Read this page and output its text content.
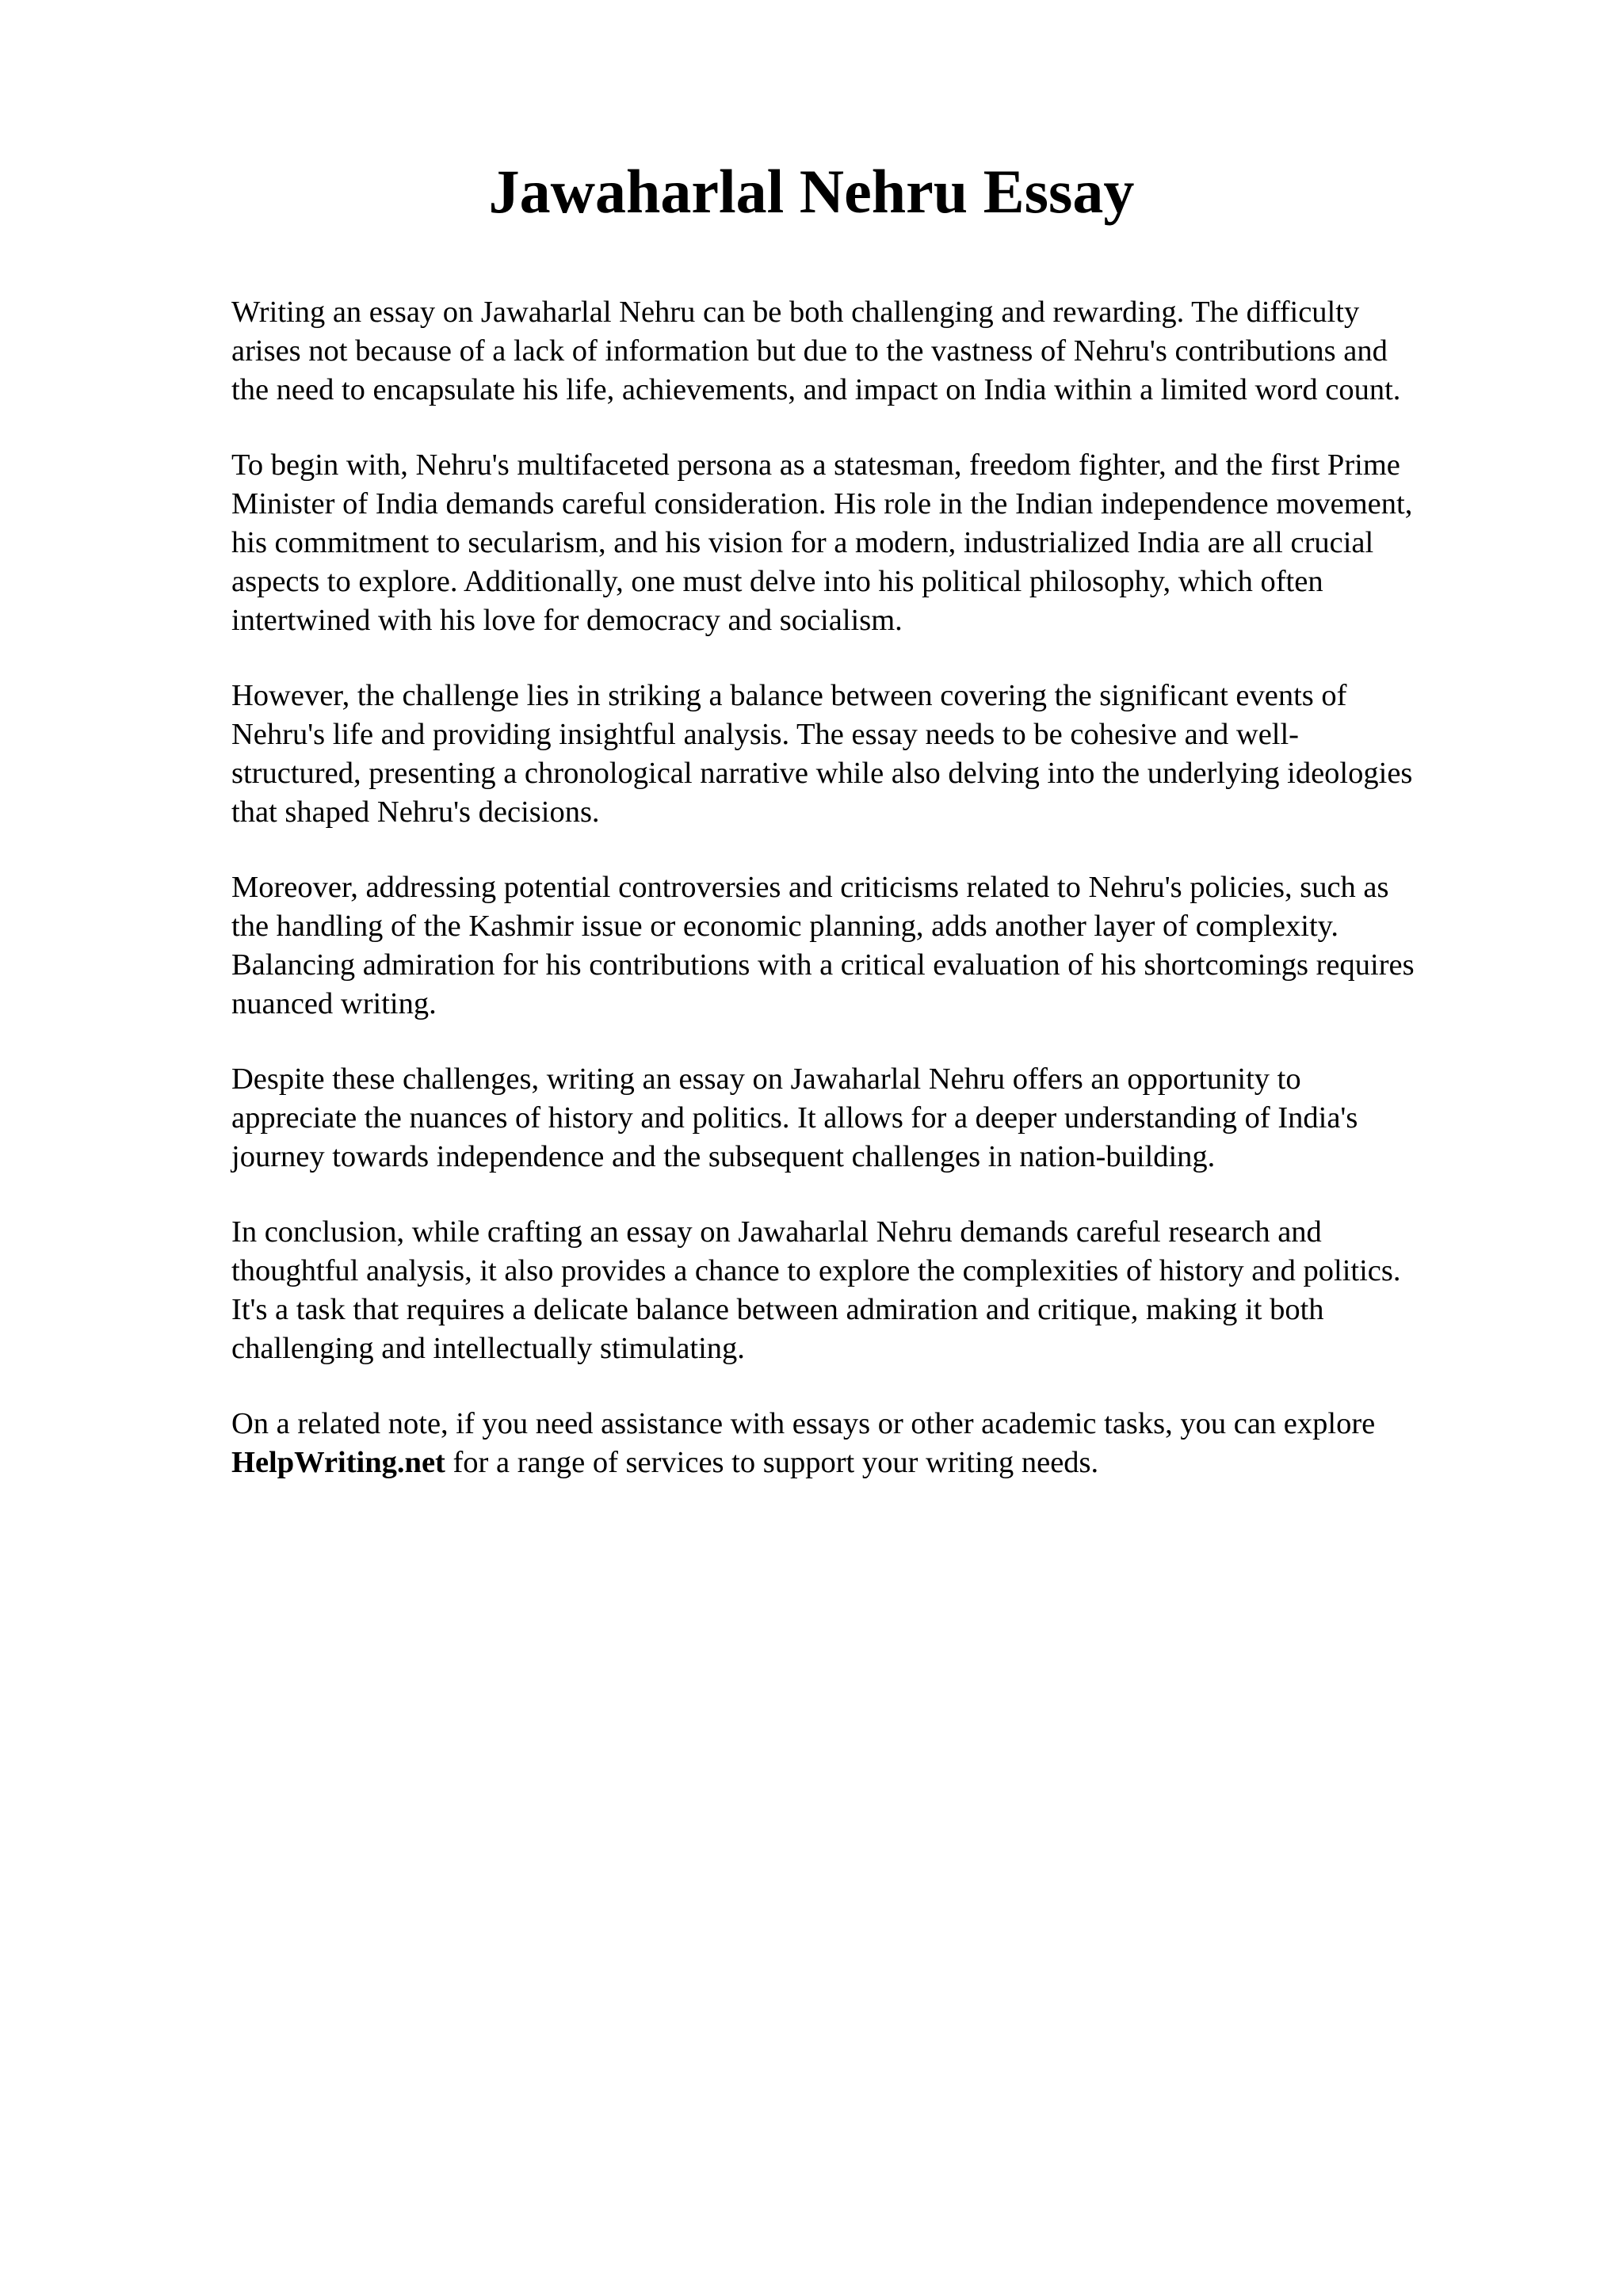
Jawaharlal Nehru Essay

Writing an essay on Jawaharlal Nehru can be both challenging and rewarding. The difficulty
arises not because of a lack of information but due to the vastness of Nehru's contributions and
the need to encapsulate his life, achievements, and impact on India within a limited word count.

To begin with, Nehru's multifaceted persona as a statesman, freedom fighter, and the first Prime
Minister of India demands careful consideration. His role in the Indian independence movement,
his commitment to secularism, and his vision for a modern, industrialized India are all crucial
aspects to explore. Additionally, one must delve into his political philosophy, which often
intertwined with his love for democracy and socialism.

However, the challenge lies in striking a balance between covering the significant events of
Nehru's life and providing insightful analysis. The essay needs to be cohesive and well-
structured, presenting a chronological narrative while also delving into the underlying ideologies
that shaped Nehru's decisions.

Moreover, addressing potential controversies and criticisms related to Nehru's policies, such as
the handling of the Kashmir issue or economic planning, adds another layer of complexity.
Balancing admiration for his contributions with a critical evaluation of his shortcomings requires
nuanced writing.

Despite these challenges, writing an essay on Jawaharlal Nehru offers an opportunity to
appreciate the nuances of history and politics. It allows for a deeper understanding of India's
journey towards independence and the subsequent challenges in nation-building.

In conclusion, while crafting an essay on Jawaharlal Nehru demands careful research and
thoughtful analysis, it also provides a chance to explore the complexities of history and politics.
It's a task that requires a delicate balance between admiration and critique, making it both
challenging and intellectually stimulating.

On a related note, if you need assistance with essays or other academic tasks, you can explore
HelpWriting.net for a range of services to support your writing needs.
